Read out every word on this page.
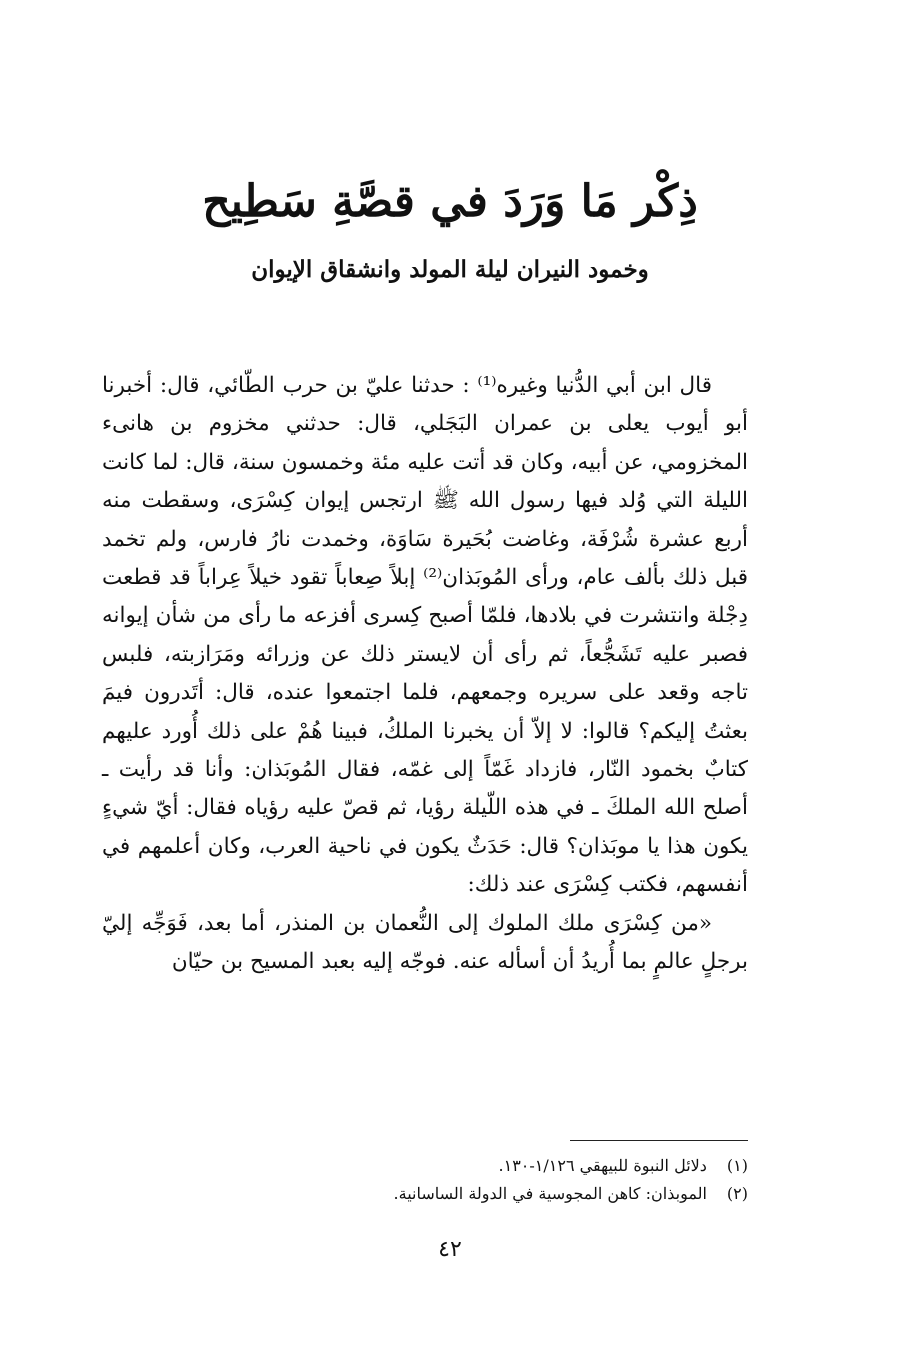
ذِكْر مَا وَرَدَ في قصَّةِ سَطِيح
وخمود النيران ليلة المولد وانشقاق الإيوان

قال ابن أبي الدُّنيا وغيره⁽¹⁾ : حدثنا عليّ بن حرب الطّائي، قال: أخبرنا أبو أيوب يعلى بن عمران البَجَلي، قال: حدثني مخزوم بن هانىء المخزومي، عن أبيه، وكان قد أتت عليه مئة وخمسون سنة، قال: لما كانت الليلة التي وُلد فيها رسول الله ﷺ ارتجس إيوان كِسْرَى، وسقطت منه أربع عشرة شُرْفَة، وغاضت بُحَيرة سَاوَة، وخمدت نارُ فارس، ولم تخمد قبل ذلك بألف عام، ورأى المُوبَذان⁽²⁾ إبلاً صِعاباً تقود خيلاً عِراباً قد قطعت دِجْلة وانتشرت في بلادها، فلمّا أصبح كِسرى أفزعه ما رأى من شأن إيوانه فصبر عليه تَشَجُّعاً، ثم رأى أن لايستر ذلك عن وزرائه ومَرَازبته، فلبس تاجه وقعد على سريره وجمعهم، فلما اجتمعوا عنده، قال: أتَدرون فيمَ بعثتُ إليكم؟ قالوا: لا إلاّ أن يخبرنا الملكُ، فبينا هُمْ على ذلك أُورد عليهم كتابٌ بخمود النّار، فازداد غَمّاً إلى غمّه، فقال المُوبَذان: وأنا قد رأيت ـ أصلح الله الملكَ ـ في هذه اللّيلة رؤيا، ثم قصّ عليه رؤياه فقال: أيّ شيءٍ يكون هذا يا موبَذان؟ قال: حَدَثٌ يكون في ناحية العرب، وكان أعلمهم في أنفسهم، فكتب كِسْرَى عند ذلك:

«من كِسْرَى ملك الملوك إلى النُّعمان بن المنذر، أما بعد، فَوَجِّه إليّ برجلٍ عالمٍ بما أُريدُ أن أسأله عنه. فوجّه إليه بعبد المسيح بن حيّان

(١) دلائل النبوة للبيهقي ١/١٢٦-١٣٠.
(٢) الموبذان: كاهن المجوسية في الدولة الساسانية.
٤٢
